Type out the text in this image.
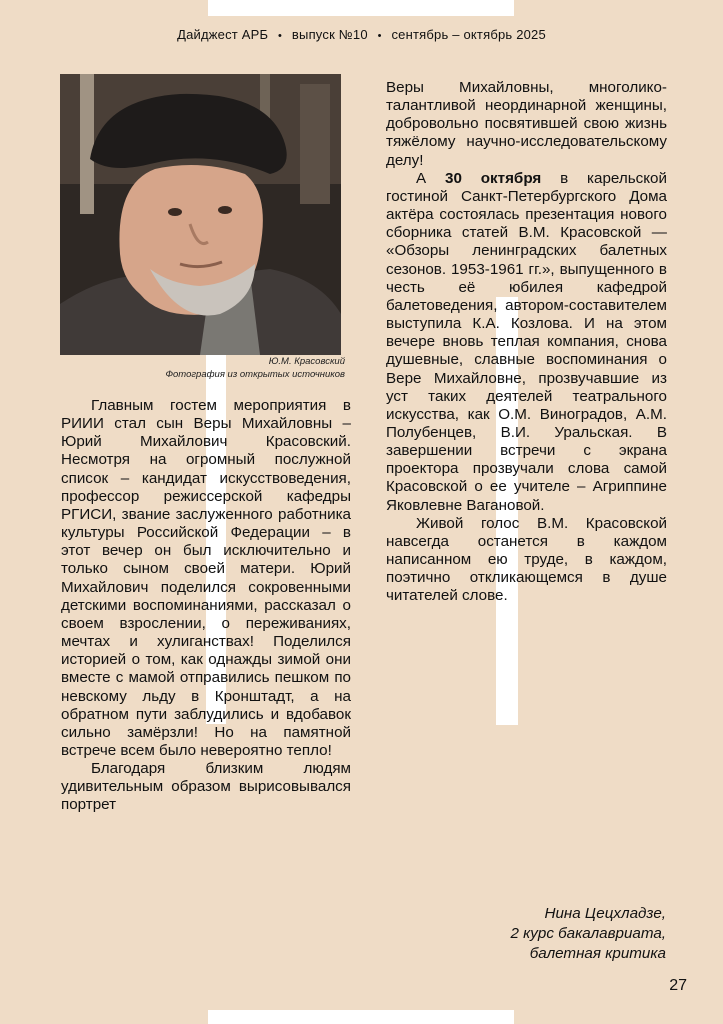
Дайджест АРБ • выпуск №10 • сентябрь – октябрь 2025
Ю.М. Красовский
Фотография из открытых источников

Главным гостем мероприятия в РИИИ стал сын Веры Михайловны – Юрий Михайлович Красовский. Несмотря на огромный послужной список – кандидат искусствоведения, профессор режиссерской кафедры РГИСИ, звание заслуженного работника культуры Российской Федерации – в этот вечер он был исключительно и только сыном своей матери. Юрий Михайлович поделился сокровенными детскими воспоминаниями, рассказал о своем взрослении, о переживаниях, мечтах и хулиганствах! Поделился историей о том, как однажды зимой они вместе с мамой отправились пешком по невскому льду в Кронштадт, а на обратном пути заблудились и вдобавок сильно замёрзли! Но на памятной встрече всем было невероятно тепло!

Благодаря близким людям удивительным образом вырисовывался портрет

Веры Михайловны, многолико-талантливой неординарной женщины, добровольно посвятившей свою жизнь тяжёлому научно-исследовательскому делу!

А 30 октября в карельской гостиной Санкт-Петербургского Дома актёра состоялась презентация нового сборника статей В.М. Красовской — «Обзоры ленинградских балетных сезонов. 1953-1961 гг.», выпущенного в честь её юбилея кафедрой балетоведения, автором-составителем выступила К.А. Козлова. И на этом вечере вновь теплая компания, снова душевные, славные воспоминания о Вере Михайловне, прозвучавшие из уст таких деятелей театрального искусства, как О.М. Виноградов, А.М. Полубенцев, В.И. Уральская. В завершении встречи с экрана проектора прозвучали слова самой Красовской о ее учителе – Агриппине Яковлевне Вагановой.

Живой голос В.М. Красовской навсегда останется в каждом написанном ею труде, в каждом, поэтично откликающемся в душе читателей слове.

Нина Цецхладзе,
2 курс бакалавриата,
балетная критика
27
